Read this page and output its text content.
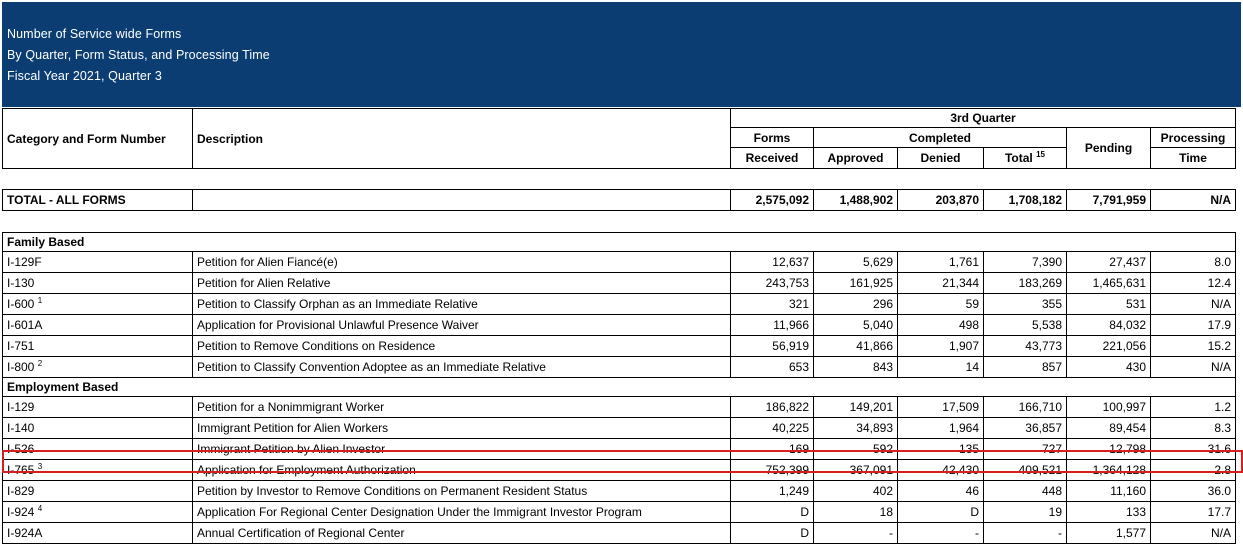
Number of Service wide Forms
By Quarter, Form Status, and Processing Time
Fiscal Year 2021, Quarter 3
Category and Form Number	Description	3rd Quarter					
		Forms	Completed			Pending	Processing
		Received	Approved	Denied	Total $^{15}$		Time

TOTAL - ALL FORMS		2,575,092	1,488,902	203,870	1,708,182	7,791,959	N/A

Family Based							
I-129F	Petition for Alien Fiancé(e)	12,637	5,629	1,761	7,390	27,437	8.0
I-130	Petition for Alien Relative	243,753	161,925	21,344	183,269	1,465,631	12.4
I-600 $^1$	Petition to Classify Orphan as an Immediate Relative	321	296	59	355	531	N/A
I-601A	Application for Provisional Unlawful Presence Waiver	11,966	5,040	498	5,538	84,032	17.9
I-751	Petition to Remove Conditions on Residence	56,919	41,866	1,907	43,773	221,056	15.2
I-800 $^2$	Petition to Classify Convention Adoptee as an Immediate Relative	653	843	14	857	430	N/A
Employment Based							
I-129	Petition for a Nonimmigrant Worker	186,822	149,201	17,509	166,710	100,997	1.2
I-140	Immigrant Petition for Alien Workers	40,225	34,893	1,964	36,857	89,454	8.3
I-526	Immigrant Petition by Alien Investor	169	592	135	727	12,798	31.6
I-765 $^3$	Application for Employment Authorization	752,399	367,091	42,430	409,521	1,364,128	2.8
I-829	Petition by Investor to Remove Conditions on Permanent Resident Status	1,249	402	46	448	11,160	36.0
I-924 $^4$	Application For Regional Center Designation Under the Immigrant Investor Program	D	18	D	19	133	17.7
I-924A	Annual Certification of Regional Center	D	-	-	-	1,577	N/A
